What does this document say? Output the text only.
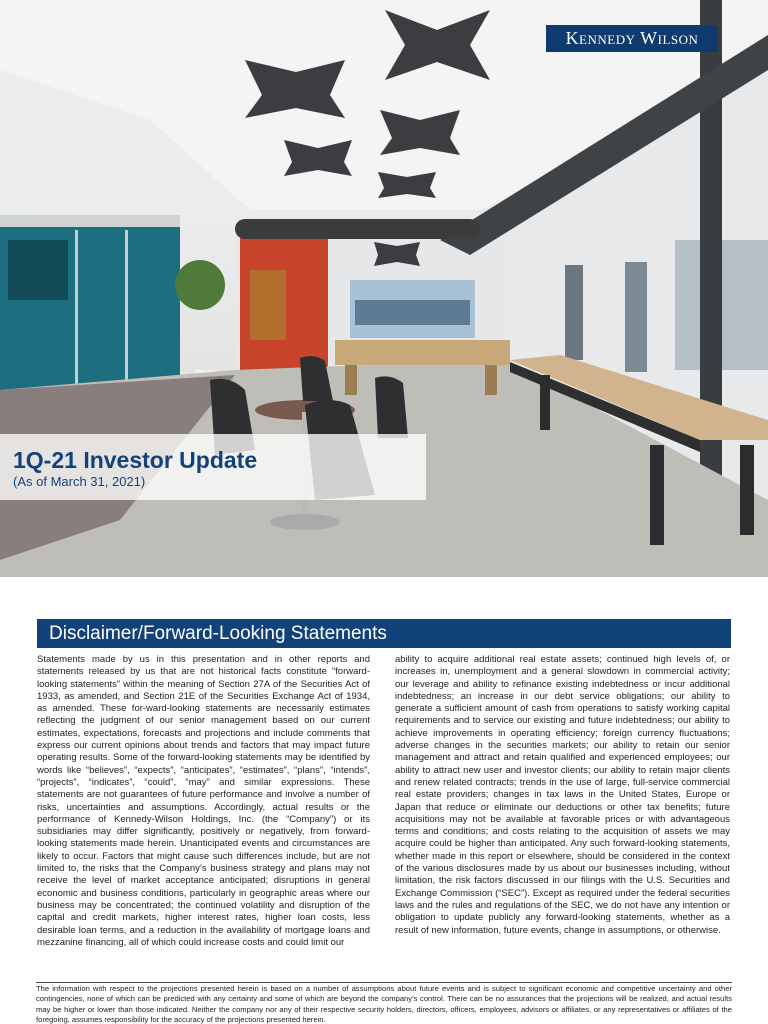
Kennedy Wilson
1Q-21 Investor Update
(As of March 31, 2021)
Disclaimer/Forward-Looking Statements
Statements made by us in this presentation and in other reports and statements released by us that are not historical facts constitute “forward-looking statements” within the meaning of Section 27A of the Securities Act of 1933, as amended, and Section 21E of the Securities Exchange Act of 1934, as amended. These for-ward-looking statements are necessarily estimates reflecting the judgment of our senior management based on our current estimates, expectations, forecasts and projections and include comments that express our current opinions about trends and factors that may impact future operating results. Some of the forward-looking statements may be identified by words like “believes”, “expects”, “anticipates”, “estimates”, “plans”, “intends”, “projects”, “indicates”, “could”, “may” and similar expressions. These statements are not guarantees of future performance and involve a number of risks, uncertainties and assumptions. Accordingly, actual results or the performance of Kennedy-Wilson Holdings, Inc. (the “Company”) or its subsidiaries may differ significantly, positively or negatively, from forward-looking statements made herein. Unanticipated events and circumstances are likely to occur. Factors that might cause such differences include, but are not limited to, the risks that the Company’s business strategy and plans may not receive the level of market acceptance anticipated; disruptions in general economic and business conditions, particularly in geographic areas where our business may be concentrated; the continued volatility and disruption of the capital and credit markets, higher interest rates, higher loan costs, less desirable loan terms, and a reduction in the availability of mortgage loans and mezzanine financing, all of which could increase costs and could limit our
ability to acquire additional real estate assets; continued high levels of, or increases in, unemployment and a general slowdown in commercial activity; our leverage and ability to refinance existing indebtedness or incur additional indebtedness; an increase in our debt service obligations; our ability to generate a sufficient amount of cash from operations to satisfy working capital requirements and to service our existing and future indebtedness; our ability to achieve improvements in operating efficiency; foreign currency fluctuations; adverse changes in the securities markets; our ability to retain our senior management and attract and retain qualified and experienced employees; our ability to attract new user and investor clients; our ability to retain major clients and renew related contracts; trends in the use of large, full-service commercial real estate providers; changes in tax laws in the United States, Europe or Japan that reduce or eliminate our deductions or other tax benefits; future acquisitions may not be available at favorable prices or with advantageous terms and conditions; and costs relating to the acquisition of assets we may acquire could be higher than anticipated. Any such forward-looking statements, whether made in this report or elsewhere, should be considered in the context of the various disclosures made by us about our businesses including, without limitation, the risk factors discussed in our filings with the U.S. Securities and Exchange Commission (“SEC”). Except as required under the federal securities laws and the rules and regulations of the SEC, we do not have any intention or obligation to update publicly any forward-looking statements, whether as a result of new information, future events, change in assumptions, or otherwise.
The information with respect to the projections presented herein is based on a number of assumptions about future events and is subject to significant economic and competitive uncertainty and other contingencies, none of which can be predicted with any certainty and some of which are beyond the company’s control. There can be no assurances that the projections will be realized, and actual results may be higher or lower than those indicated. Neither the company nor any of their respective security holders, directors, officers, employees, advisors or affiliates, or any representatives or affiliates of the foregoing, assumes responsibility for the accuracy of the projections presented herein.
